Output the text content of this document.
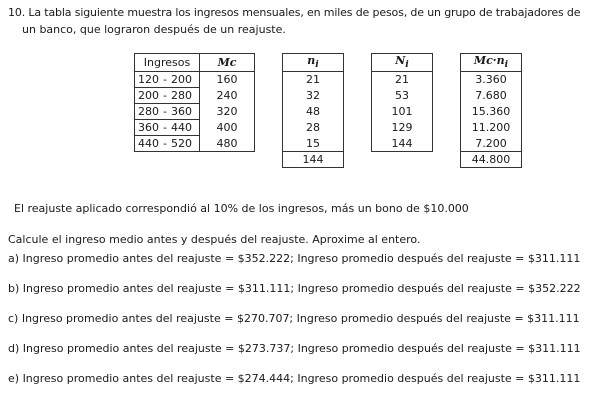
10. La tabla siguiente muestra los ingresos mensuales, en miles de pesos, de un grupo de trabajadores de
un banco, que lograron después de un reajuste.
Ingresos	Mc		$n_i$		$N_i$		$Mc\cdot n_i$
120 - 200	160		21		21		3.360
200 - 280	240		32		53		7.680
280 - 360	320		48		101		15.360
360 - 440	400		28		129		11.200
440 - 520	480		15		144		7.200
			144				44.800
El reajuste aplicado correspondió al 10% de los ingresos, más un bono de $10.000
Calcule el ingreso medio antes y después del reajuste. Aproxime al entero.
a) Ingreso promedio antes del reajuste = $352.222; Ingreso promedio después del reajuste = $311.111
b) Ingreso promedio antes del reajuste = $311.111; Ingreso promedio después del reajuste = $352.222
c) Ingreso promedio antes del reajuste = $270.707; Ingreso promedio después del reajuste = $311.111
d) Ingreso promedio antes del reajuste = $273.737; Ingreso promedio después del reajuste = $311.111
e) Ingreso promedio antes del reajuste = $274.444; Ingreso promedio después del reajuste = $311.111
